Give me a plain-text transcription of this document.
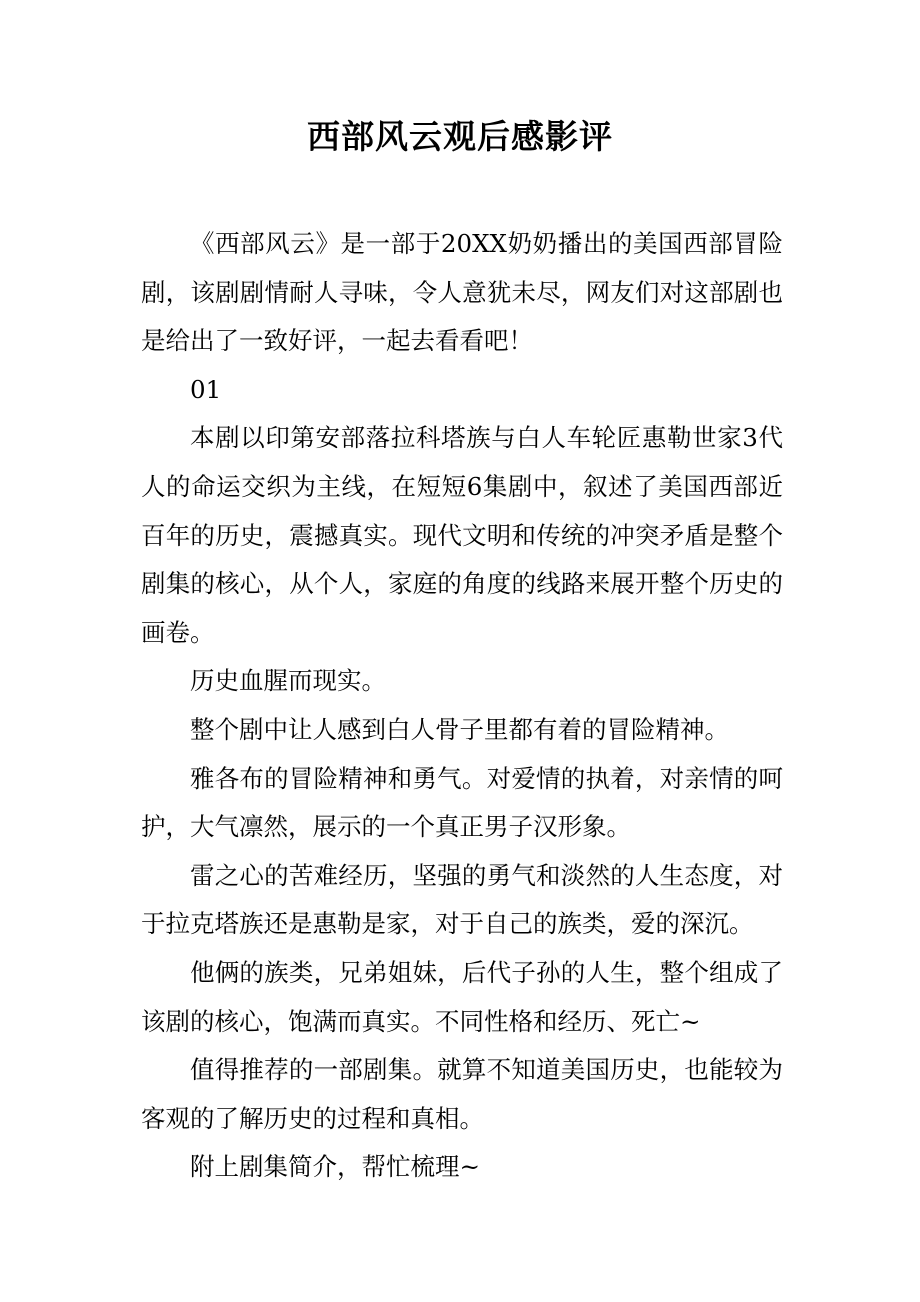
西部风云观后感影评

《西部风云》是一部于20XX奶奶播出的美国西部冒险剧，该剧剧情耐人寻味，令人意犹未尽，网友们对这部剧也是给出了一致好评，一起去看看吧！

01

本剧以印第安部落拉科塔族与白人车轮匠惠勒世家3代人的命运交织为主线，在短短6集剧中，叙述了美国西部近百年的历史，震撼真实。现代文明和传统的冲突矛盾是整个剧集的核心，从个人，家庭的角度的线路来展开整个历史的画卷。

历史血腥而现实。

整个剧中让人感到白人骨子里都有着的冒险精神。

雅各布的冒险精神和勇气。对爱情的执着，对亲情的呵护，大气凛然，展示的一个真正男子汉形象。

雷之心的苦难经历，坚强的勇气和淡然的人生态度，对于拉克塔族还是惠勒是家，对于自己的族类，爱的深沉。

他俩的族类，兄弟姐妹，后代子孙的人生，整个组成了该剧的核心，饱满而真实。不同性格和经历、死亡~

值得推荐的一部剧集。就算不知道美国历史，也能较为客观的了解历史的过程和真相。

附上剧集简介，帮忙梳理~
